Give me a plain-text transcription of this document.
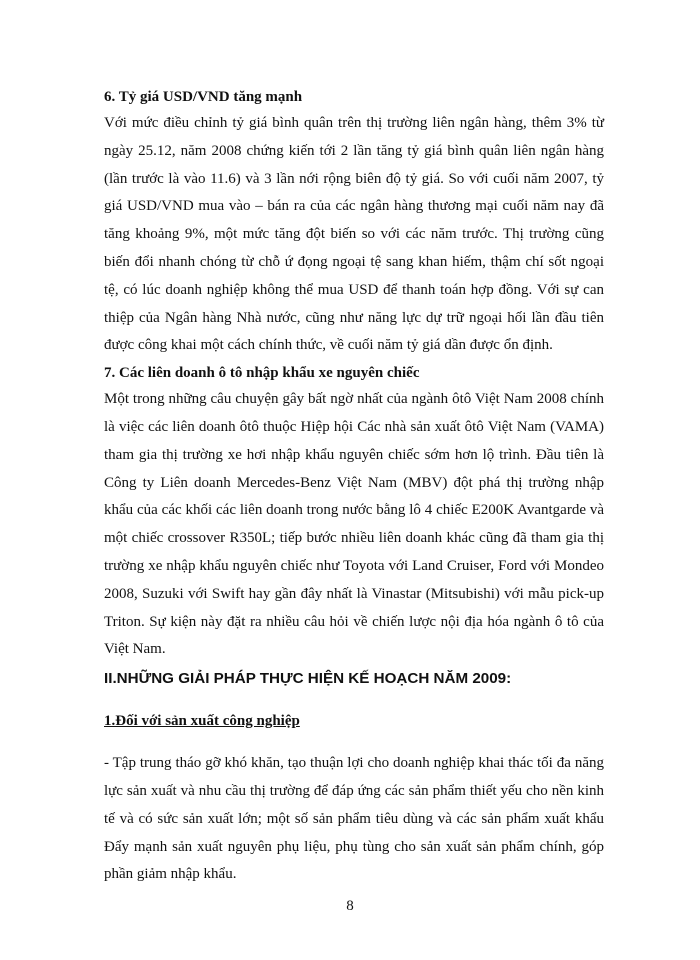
6. Tỷ giá USD/VND tăng mạnh

Với mức điều chỉnh tỷ giá bình quân trên thị trường liên ngân hàng, thêm 3% từ ngày 25.12, năm 2008 chứng kiến tới 2 lần tăng tỷ giá bình quân liên ngân hàng (lần trước là vào 11.6) và 3 lần nới rộng biên độ tỷ giá. So với cuối năm 2007, tỷ giá USD/VND mua vào – bán ra của các ngân hàng thương mại cuối năm nay đã tăng khoảng 9%, một mức tăng đột biến so với các năm trước. Thị trường cũng biến đổi nhanh chóng từ chỗ ứ đọng ngoại tệ sang khan hiếm, thậm chí sốt ngoại tệ, có lúc doanh nghiệp không thể mua USD để thanh toán hợp đồng. Với sự can thiệp của Ngân hàng Nhà nước, cũng như năng lực dự trữ ngoại hối lần đầu tiên được công khai một cách chính thức, về cuối năm tỷ giá dần được ổn định.

7. Các liên doanh ô tô nhập khẩu xe nguyên chiếc

Một trong những câu chuyện gây bất ngờ nhất của ngành ôtô Việt Nam 2008 chính là việc các liên doanh ôtô thuộc Hiệp hội Các nhà sản xuất ôtô Việt Nam (VAMA) tham gia thị trường xe hơi nhập khẩu nguyên chiếc sớm hơn lộ trình. Đầu tiên là Công ty Liên doanh Mercedes-Benz Việt Nam (MBV) đột phá thị trường nhập khẩu của các khối các liên doanh trong nước bằng lô 4 chiếc E200K Avantgarde và một chiếc crossover R350L; tiếp bước nhiều liên doanh khác cũng đã tham gia thị trường xe nhập khẩu nguyên chiếc như Toyota với Land Cruiser, Ford với Mondeo 2008, Suzuki với Swift hay gần đây nhất là Vinastar (Mitsubishi) với mẫu pick-up Triton. Sự kiện này đặt ra nhiều câu hỏi về chiến lược nội địa hóa ngành ô tô của Việt Nam.

II.NHỮNG GIẢI PHÁP THỰC HIỆN KẾ HOẠCH NĂM 2009:

1.Đối với sản xuất công nghiệp

- Tập trung tháo gỡ khó khăn, tạo thuận lợi cho doanh nghiệp khai thác tối đa năng lực sản xuất và nhu cầu thị trường để đáp ứng các sản phẩm thiết yếu cho nền kinh tế và có sức sản xuất lớn; một số sản phẩm tiêu dùng và các sản phẩm xuất khẩu Đẩy mạnh sản xuất nguyên phụ liệu, phụ tùng cho sản xuất sản phẩm chính, góp phần giảm nhập khẩu.

8
